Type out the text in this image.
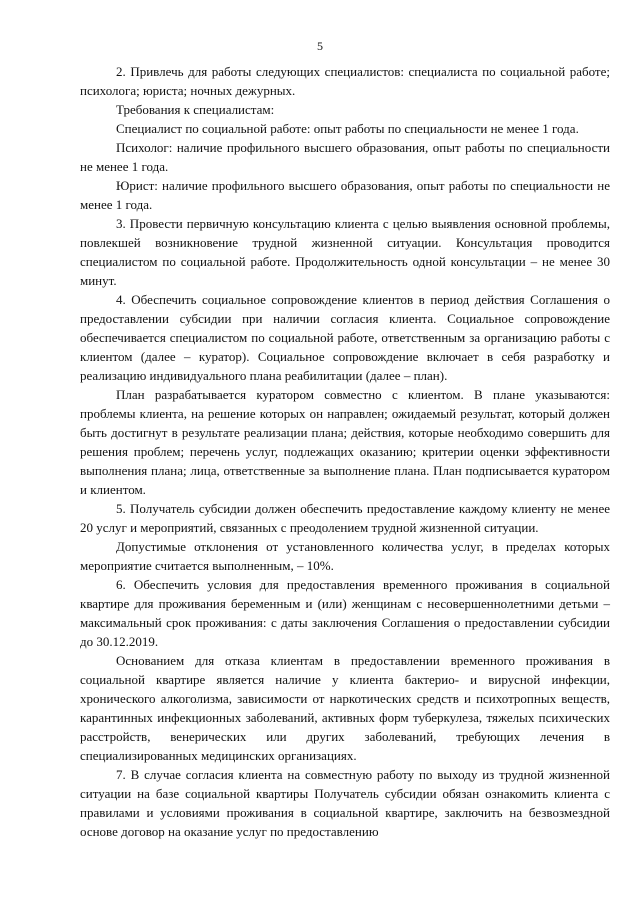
5

2. Привлечь для работы следующих специалистов: специалиста по социальной работе; психолога; юриста; ночных дежурных.

Требования к специалистам:

Специалист по социальной работе: опыт работы по специальности не менее 1 года.

Психолог: наличие профильного высшего образования, опыт работы по специальности не менее 1 года.

Юрист: наличие профильного высшего образования, опыт работы по специальности не менее 1 года.

3. Провести первичную консультацию клиента с целью выявления основной проблемы, повлекшей возникновение трудной жизненной ситуации. Консультация проводится специалистом по социальной работе. Продолжительность одной консультации – не менее 30 минут.

4. Обеспечить социальное сопровождение клиентов в период действия Соглашения о предоставлении субсидии при наличии согласия клиента. Социальное сопровождение обеспечивается специалистом по социальной работе, ответственным за организацию работы с клиентом (далее – куратор). Социальное сопровождение включает в себя разработку и реализацию индивидуального плана реабилитации (далее – план).

План разрабатывается куратором совместно с клиентом. В плане указываются: проблемы клиента, на решение которых он направлен; ожидаемый результат, который должен быть достигнут в результате реализации плана; действия, которые необходимо совершить для решения проблем; перечень услуг, подлежащих оказанию; критерии оценки эффективности выполнения плана; лица, ответственные за выполнение плана. План подписывается куратором и клиентом.

5. Получатель субсидии должен обеспечить предоставление каждому клиенту не менее 20 услуг и мероприятий, связанных с преодолением трудной жизненной ситуации.

Допустимые отклонения от установленного количества услуг, в пределах которых мероприятие считается выполненным, – 10%.

6. Обеспечить условия для предоставления временного проживания в социальной квартире для проживания беременным и (или) женщинам с несовершеннолетними детьми – максимальный срок проживания: с даты заключения Соглашения о предоставлении субсидии до 30.12.2019.

Основанием для отказа клиентам в предоставлении временного проживания в социальной квартире является наличие у клиента бактерио- и вирусной инфекции, хронического алкоголизма, зависимости от наркотических средств и психотропных веществ, карантинных инфекционных заболеваний, активных форм туберкулеза, тяжелых психических расстройств, венерических или других заболеваний, требующих лечения в специализированных медицинских организациях.

7. В случае согласия клиента на совместную работу по выходу из трудной жизненной ситуации на базе социальной квартиры Получатель субсидии обязан ознакомить клиента с правилами и условиями проживания в социальной квартире, заключить на безвозмездной основе договор на оказание услуг по предоставлению
